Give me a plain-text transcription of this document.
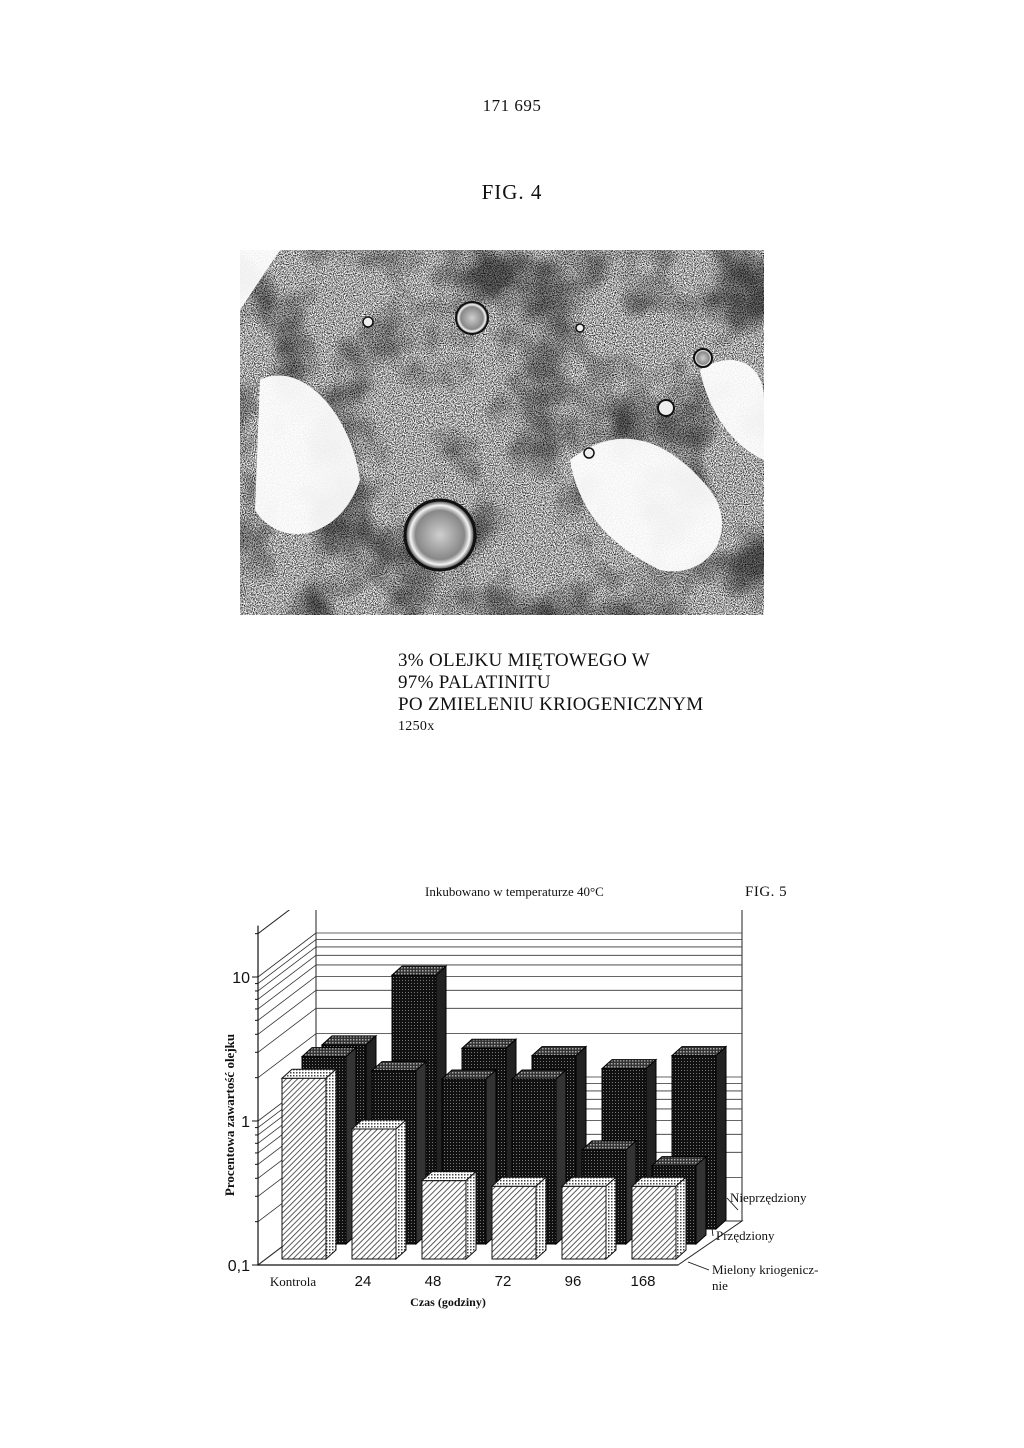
171 695
FIG. 4
3% OLEJKU MIĘTOWEGO W
97% PALATINITU
PO ZMIELENIU KRIOGENICZNYM
1250x
Inkubowano w temperaturze 40°C	FIG. 5
0,1
1
10
Kontrola	24	48	72	96	168
Czas (godziny)
Procentowa zawartość olejku
Nieprzędziony
Przędziony
Mielony kriogenicz-
nie
